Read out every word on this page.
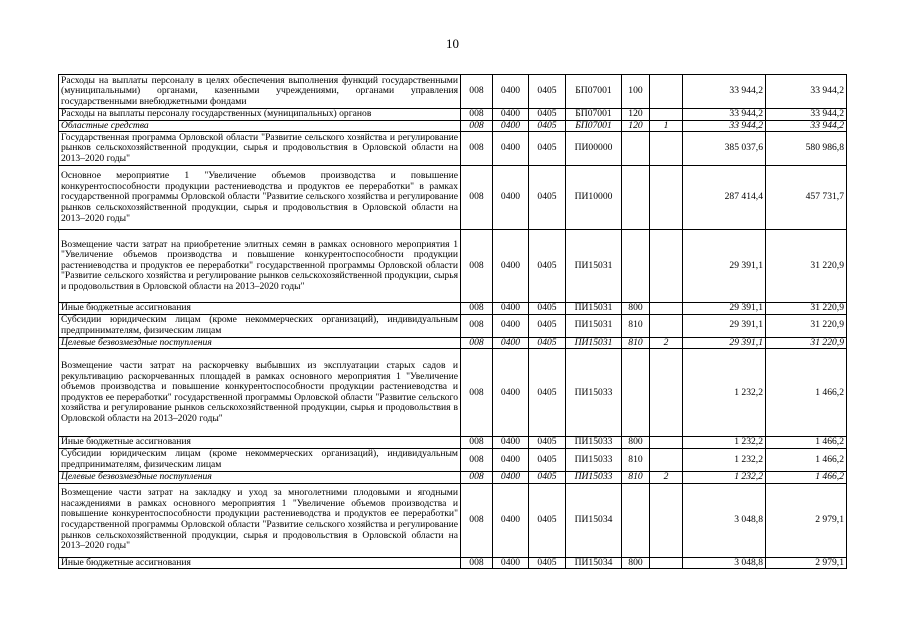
10
Расходы на выплаты персоналу в целях обеспечения выполнения функций государственными (муниципальными) органами, казенными учреждениями, органами управления государственными внебюджетными фондами	008	0400	0405	БП07001	100		33 944,2	33 944,2
Расходы на выплаты персоналу государственных (муниципальных) органов	008	0400	0405	БП07001	120		33 944,2	33 944,2
Областные средства	008	0400	0405	БП07001	120	1	33 944,2	33 944,2
Государственная программа Орловской области "Развитие сельского хозяйства и регулирование рынков сельскохозяйственной продукции, сырья и продовольствия в Орловской области на 2013–2020 годы"	008	0400	0405	ПИ00000			385 037,6	580 986,8
Основное мероприятие 1 "Увеличение объемов производства и повышение конкурентоспособности продукции растениеводства и продуктов ее переработки" в рамках государственной программы Орловской области "Развитие сельского хозяйства и регулирование рынков сельскохозяйственной продукции, сырья и продовольствия в Орловской области на 2013–2020 годы"	008	0400	0405	ПИ10000			287 414,4	457 731,7
Возмещение части затрат на приобретение элитных семян в рамках основного мероприятия 1 "Увеличение объемов производства и повышение конкурентоспособности продукции растениеводства и продуктов ее переработки" государственной программы Орловской области "Развитие сельского хозяйства и регулирование рынков сельскохозяйственной продукции, сырья и продовольствия в Орловской области на 2013–2020 годы"	008	0400	0405	ПИ15031			29 391,1	31 220,9
Иные бюджетные ассигнования	008	0400	0405	ПИ15031	800		29 391,1	31 220,9
Субсидии юридическим лицам (кроме некоммерческих организаций), индивидуальным предпринимателям, физическим лицам	008	0400	0405	ПИ15031	810		29 391,1	31 220,9
Целевые безвозмездные поступления	008	0400	0405	ПИ15031	810	2	29 391,1	31 220,9
Возмещение части затрат на раскорчевку выбывших из эксплуатации старых садов и рекультивацию раскорчеванных площадей в рамках основного мероприятия 1 "Увеличение объемов производства и повышение конкурентоспособности продукции растениеводства и продуктов ее переработки" государственной программы Орловской области "Развитие сельского хозяйства и регулирование рынков сельскохозяйственной продукции, сырья и продовольствия в Орловской области на 2013–2020 годы"	008	0400	0405	ПИ15033			1 232,2	1 466,2
Иные бюджетные ассигнования	008	0400	0405	ПИ15033	800		1 232,2	1 466,2
Субсидии юридическим лицам (кроме некоммерческих организаций), индивидуальным предпринимателям, физическим лицам	008	0400	0405	ПИ15033	810		1 232,2	1 466,2
Целевые безвозмездные поступления	008	0400	0405	ПИ15033	810	2	1 232,2	1 466,2
Возмещение части затрат на закладку и уход за многолетними плодовыми и ягодными насаждениями в рамках основного мероприятия 1 "Увеличение объемов производства и повышение конкурентоспособности продукции растениеводства и продуктов ее переработки" государственной программы Орловской области "Развитие сельского хозяйства и регулирование рынков сельскохозяйственной продукции, сырья и продовольствия в Орловской области на 2013–2020 годы"	008	0400	0405	ПИ15034			3 048,8	2 979,1
Иные бюджетные ассигнования	008	0400	0405	ПИ15034	800		3 048,8	2 979,1
